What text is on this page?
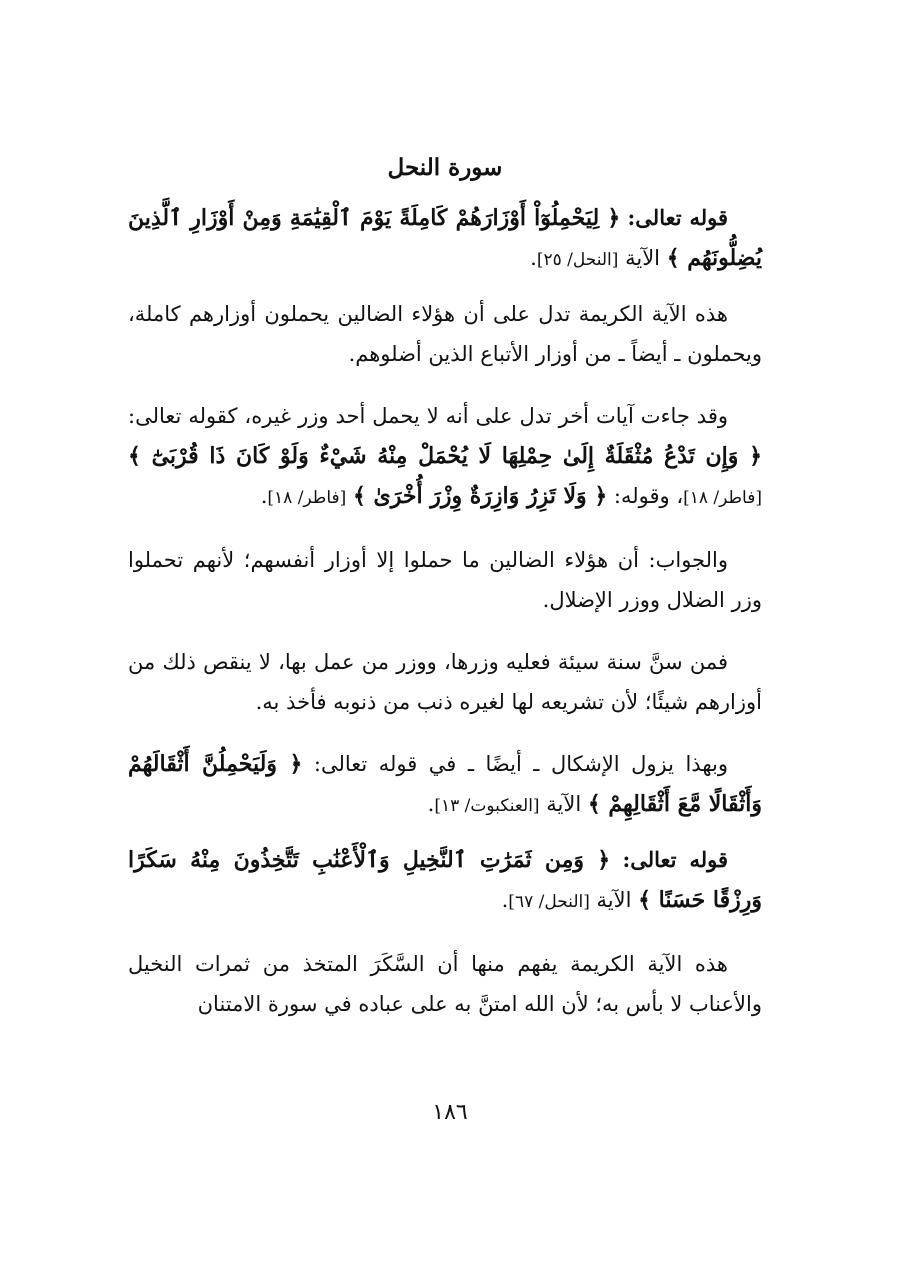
سورة النحل

قوله تعالى: ﴿ لِيَحْمِلُوٓاْ أَوْزَارَهُمْ كَامِلَةً يَوْمَ ٱلْقِيَٰمَةِ وَمِنْ أَوْزَارِ ٱلَّذِينَ يُضِلُّونَهُم ﴾ الآية [النحل/ ٢٥].

هذه الآية الكريمة تدل على أن هؤلاء الضالين يحملون أوزارهم كاملة، ويحملون ـ أيضاً ـ من أوزار الأتباع الذين أضلوهم.

وقد جاءت آيات أخر تدل على أنه لا يحمل أحد وزر غيره، كقوله تعالى: ﴿ وَإِن تَدْعُ مُثْقَلَةٌ إِلَىٰ حِمْلِهَا لَا يُحْمَلْ مِنْهُ شَيْءٌ وَلَوْ كَانَ ذَا قُرْبَىٰٓ ﴾[فاطر/ ١٨]، وقوله: ﴿ وَلَا تَزِرُ وَازِرَةٌ وِزْرَ أُخْرَىٰ ﴾ [فاطر/ ١٨].

والجواب: أن هؤلاء الضالين ما حملوا إلا أوزار أنفسهم؛ لأنهم تحملوا وزر الضلال ووزر الإضلال.

فمن سنَّ سنة سيئة فعليه وزرها، ووزر من عمل بها، لا ينقص ذلك من أوزارهم شيئًا؛ لأن تشريعه لها لغيره ذنب من ذنوبه فأخذ به.

وبهذا يزول الإشكال ـ أيضًا ـ في قوله تعالى: ﴿ وَلَيَحْمِلُنَّ أَثْقَالَهُمْ وَأَثْقَالًا مَّعَ أَثْقَالِهِمْ ﴾ الآية [العنكبوت/ ١٣].

قوله تعالى: ﴿ وَمِن ثَمَرَٰتِ ٱلنَّخِيلِ وَٱلْأَعْنَٰبِ تَتَّخِذُونَ مِنْهُ سَكَرًا وَرِزْقًا حَسَنًا ﴾ الآية [النحل/ ٦٧].

هذه الآية الكريمة يفهم منها أن السَّكَرَ المتخذ من ثمرات النخيل والأعناب لا بأس به؛ لأن الله امتنَّ به على عباده في سورة الامتنان

١٨٦
